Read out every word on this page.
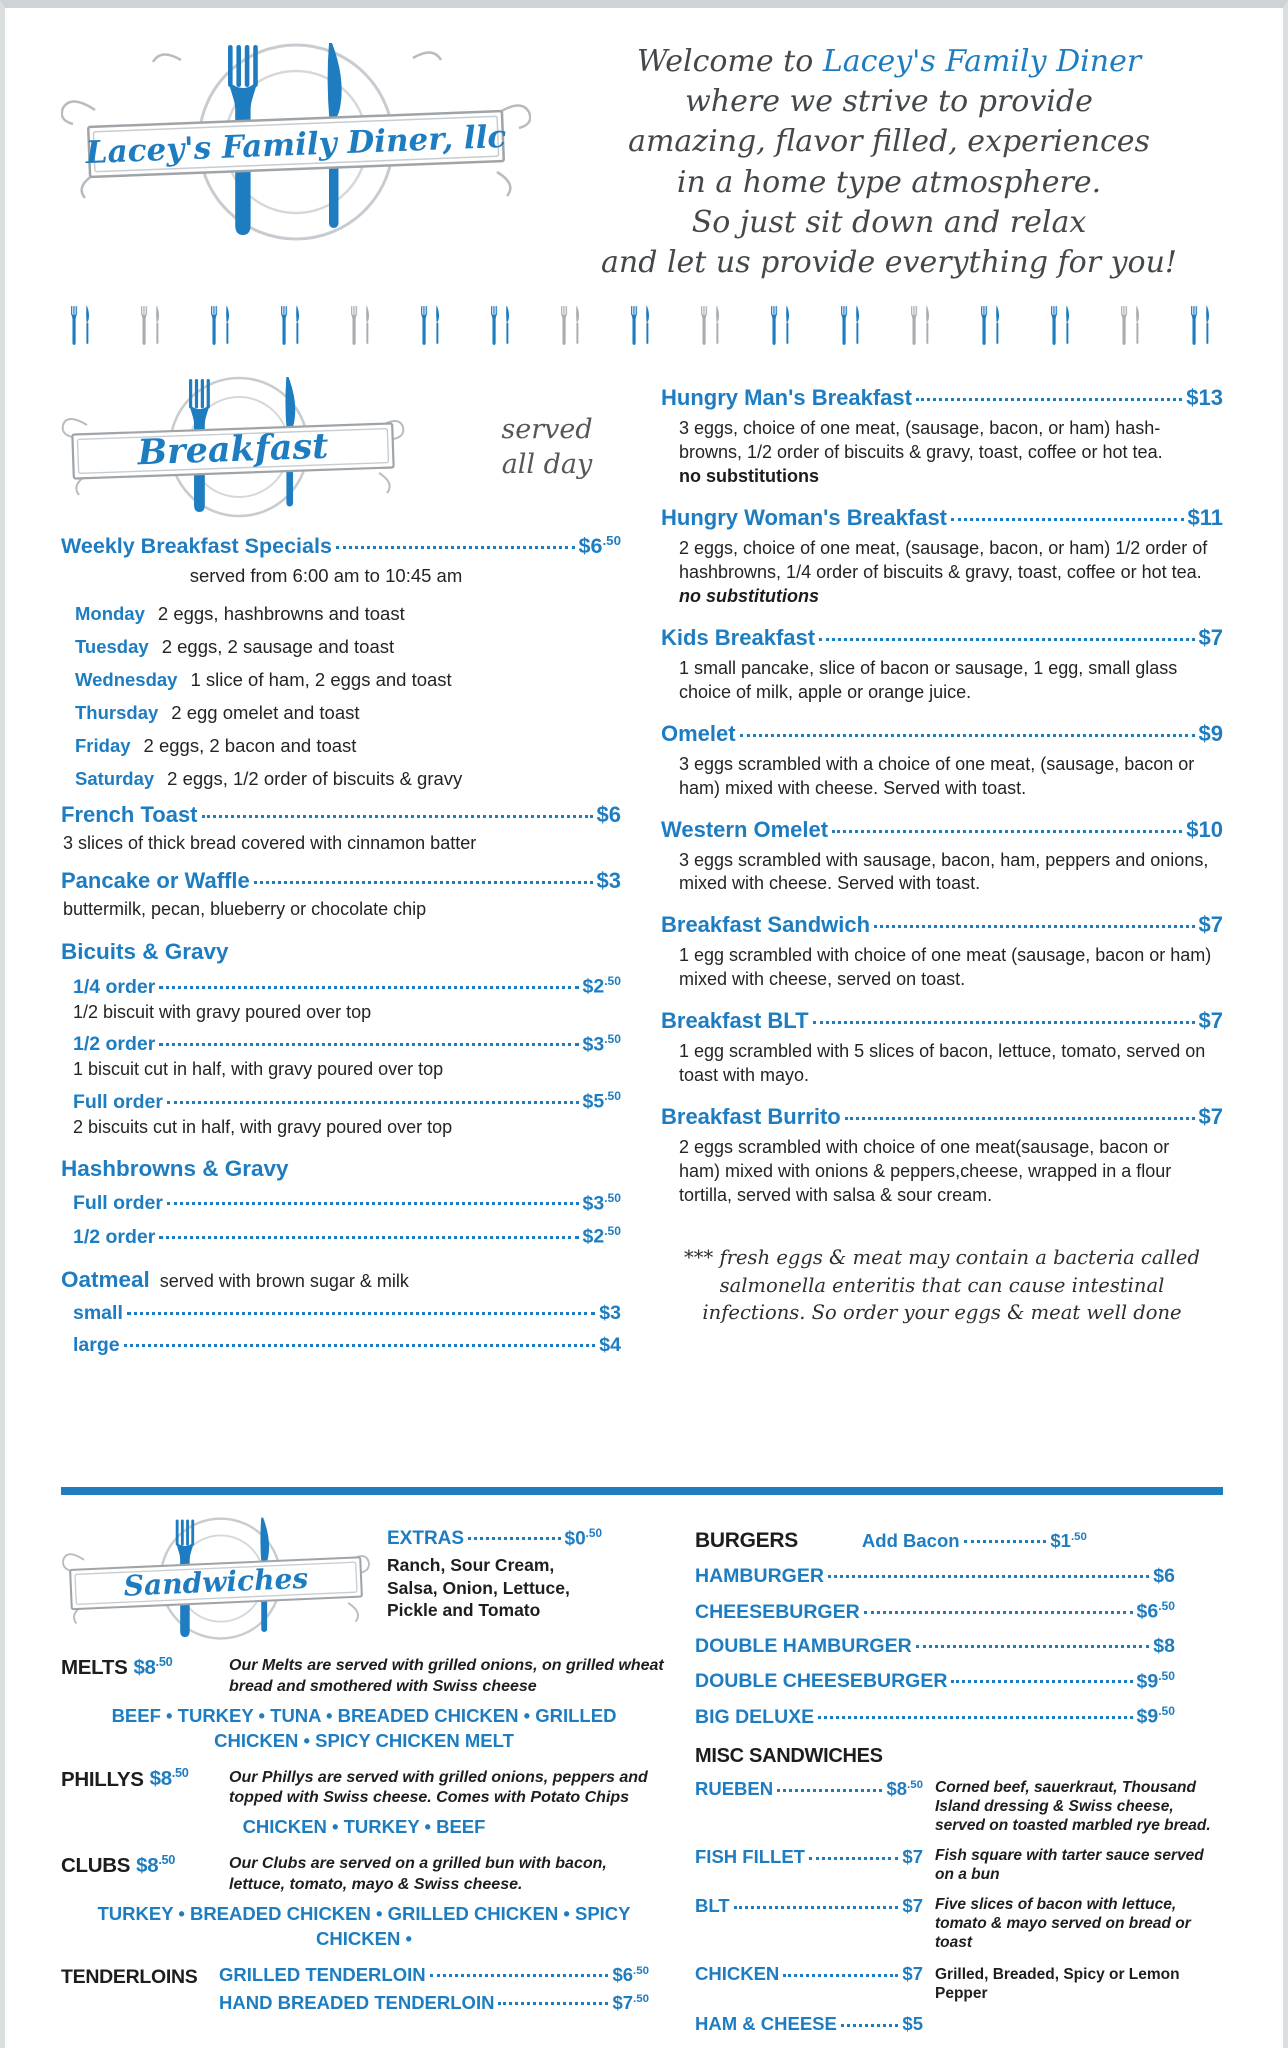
Lacey's Family Diner, llc
Welcome to Lacey's Family Diner
where we strive to provide
amazing, flavor filled, experiences
in a home type atmosphere.
So just sit down and relax
and let us provide everything for you!
Breakfast	served all day
Weekly Breakfast Specials	$\$6^{.50}$
served from 6:00 am to 10:45 am
Monday 2 eggs, hashbrowns and toast
Tuesday 2 eggs, 2 sausage and toast
Wednesday 1 slice of ham, 2 eggs and toast
Thursday 2 egg omelet and toast
Friday 2 eggs, 2 bacon and toast
Saturday 2 eggs, 1/2 order of biscuits & gravy
French Toast	$6
3 slices of thick bread covered with cinnamon batter
Pancake or Waffle	$3
buttermilk, pecan, blueberry or chocolate chip
Bicuits & Gravy
1/4 order	$\$2^{.50}$
1/2 biscuit with gravy poured over top
1/2 order	$\$3^{.50}$
1 biscuit cut in half, with gravy poured over top
Full order	$\$5^{.50}$
2 biscuits cut in half, with gravy poured over top
Hashbrowns & Gravy
Full order	$\$3^{.50}$
1/2 order	$\$2^{.50}$
Oatmeal served with brown sugar & milk
small	$3
large	$4
Hungry Man's Breakfast	$13
3 eggs, choice of one meat, (sausage, bacon, or ham) hash-browns, 1/2 order of biscuits & gravy, toast, coffee or hot tea.
no substitutions
Hungry Woman's Breakfast	$11
2 eggs, choice of one meat, (sausage, bacon, or ham) 1/2 order of hashbrowns, 1/4 order of biscuits & gravy, toast, coffee or hot tea. no substitutions
Kids Breakfast	$7
1 small pancake, slice of bacon or sausage, 1 egg, small glass choice of milk, apple or orange juice.
Omelet	$9
3 eggs scrambled with a choice of one meat, (sausage, bacon or ham) mixed with cheese. Served with toast.
Western Omelet	$10
3 eggs scrambled with sausage, bacon, ham, peppers and onions, mixed with cheese. Served with toast.
Breakfast Sandwich	$7
1 egg scrambled with choice of one meat (sausage, bacon or ham) mixed with cheese, served on toast.
Breakfast BLT	$7
1 egg scrambled with 5 slices of bacon, lettuce, tomato, served on toast with mayo.
Breakfast Burrito	$7
2 eggs scrambled with choice of one meat(sausage, bacon or ham) mixed with onions & peppers,cheese, wrapped in a flour tortilla, served with salsa & sour cream.
*** fresh eggs & meat may contain a bacteria called salmonella enteritis that can cause intestinal infections. So order your eggs & meat well done
Sandwiches
EXTRAS	$\$0^{.50}$
Ranch, Sour Cream, Salsa, Onion, Lettuce, Pickle and Tomato
MELTS $\$8^{.50}$	Our Melts are served with grilled onions, on grilled wheat bread and smothered with Swiss cheese
BEEF • TURKEY • TUNA • BREADED CHICKEN • GRILLED CHICKEN • SPICY CHICKEN MELT
PHILLYS $\$8^{.50}$	Our Phillys are served with grilled onions, peppers and topped with Swiss cheese. Comes with Potato Chips
CHICKEN • TURKEY • BEEF
CLUBS $\$8^{.50}$	Our Clubs are served on a grilled bun with bacon, lettuce, tomato, mayo & Swiss cheese.
TURKEY • BREADED CHICKEN • GRILLED CHICKEN • SPICY CHICKEN •
TENDERLOINS	GRILLED TENDERLOIN	$\$6^{.50}$
HAND BREADED TENDERLOIN	$\$7^{.50}$
BURGERS	Add Bacon	$\$1^{.50}$
HAMBURGER	$6
CHEESEBURGER	$\$6^{.50}$
DOUBLE HAMBURGER	$8
DOUBLE CHEESEBURGER	$\$9^{.50}$
BIG DELUXE	$\$9^{.50}$
MISC SANDWICHES
RUEBEN	$\$8^{.50}$ Corned beef, sauerkraut, Thousand Island dressing & Swiss cheese, served on toasted marbled rye bread.
FISH FILLET	$7 Fish square with tarter sauce served on a bun
BLT	$7 Five slices of bacon with lettuce, tomato & mayo served on bread or toast
CHICKEN	$7 Grilled, Breaded, Spicy or Lemon Pepper
HAM & CHEESE	$5
